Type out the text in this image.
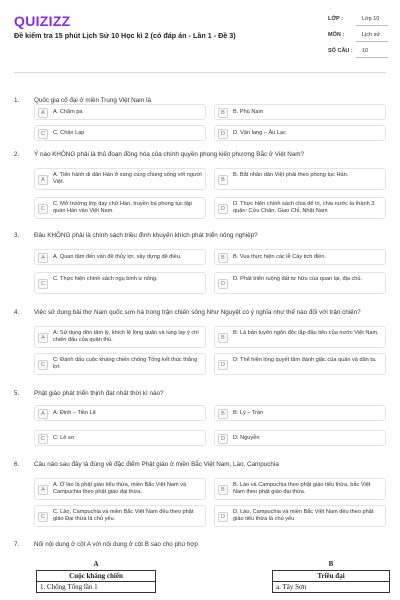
QUIZIZZ
Đề kiểm tra 15 phút Lịch Sử 10 Học kì 2 (có đáp án - Lần 1 - Đề 3)
LỚP :	Lớp 10
MÔN :	Lịch sử
SỐ CÂU : 10
1. Quốc gia cổ đại ở miền Trung Việt Nam là
A	A. Chăm pa	B	B. Phù Nam
C	C. Chân Lạp	D	D. Văn lang – Âu Lạc
2. Ý nào KHÔNG phải là thủ đoạn đồng hóa của chính quyền phong kiến phương Bắc ở Việt Nam?
A
A. Tiến hành di dân Hán ở sang cùng chung sống với người Việt.	B
B. Bắt nhân dân Việt phải theo phong tục Hán.
C
C. Mở trường lớp dạy chữ Hán, truyền bá phong tục tập quán Hán vào Việt Nam.	D
D. Thực hiện chính sách chia để trị, chia nước ta thành 3 quận: Cửu Chân, Giao Chỉ, Nhật Nam
3. Đâu KHÔNG phải là chính sách triều đình khuyến khích phát triển nông nghiệp?
A	A. Quan tâm đến vấn đề thủy lợi, xây dựng đê điều.	B	B. Vua thực hiện các lễ Cày tịch điền.
C
C. Thực hiện chính sách ngụ binh ư nông.
D
D. Phát triển ruộng đất tư hữu của quan lại, địa chủ.
4. Việc sử dụng bài thơ Nam quốc sơn hà trong trận chiến sông Như Nguyệt có ý nghĩa như thế nào đối với trận chiến?
A
A: Sử dụng đòn tâm lý, khích lệ lòng quân và lung lay ý chí chiến đấu của quân thù.	B
B: Là bản tuyên ngôn độc lập đầu tiên của nước Việt Nam.
C
C: Đánh dấu cuộc kháng chiến chống Tống kết thúc thắng lợi.	D
D: Thể hiện lòng quyết tâm đánh giặc của quân và dân ta.
5. Phật giáo phát triển thịnh đạt nhất thời kì nào?
A	A: Đinh – Tiền Lê	B	B: Lý – Trần
C	C: Lê sơ	D	D: Nguyễn
6. Câu nào sau đây là đúng về đặc điểm Phật giáo ở miền Bắc Việt Nam, Lào, Campuchia
A
A. Ở lào là phật giáo tiểu thừa, miền Bắc Việt Nam và Campuchia theo phật giáo đại thừa.	B
B. Lào và Campuchia theo phật giáo tiểu thừa, bắc Việt Nam theo phật giáo đại thừa.
C
C. Lào, Campuchia và miền Bắc Việt Nam đều theo phật giáo Đại thừa là chủ yếu.	D
D. Lào, Campuchia và miền Bắc Việt Nam đều theo phật giáo tiểu thừa là chủ yếu
7. Nối nội dung ở cột A với nội dung ở cột B sao cho phù hợp
A	B
Cuộc kháng chiến
1. Chống Tống lần 1
Triều đại
a. Tây Sơn
